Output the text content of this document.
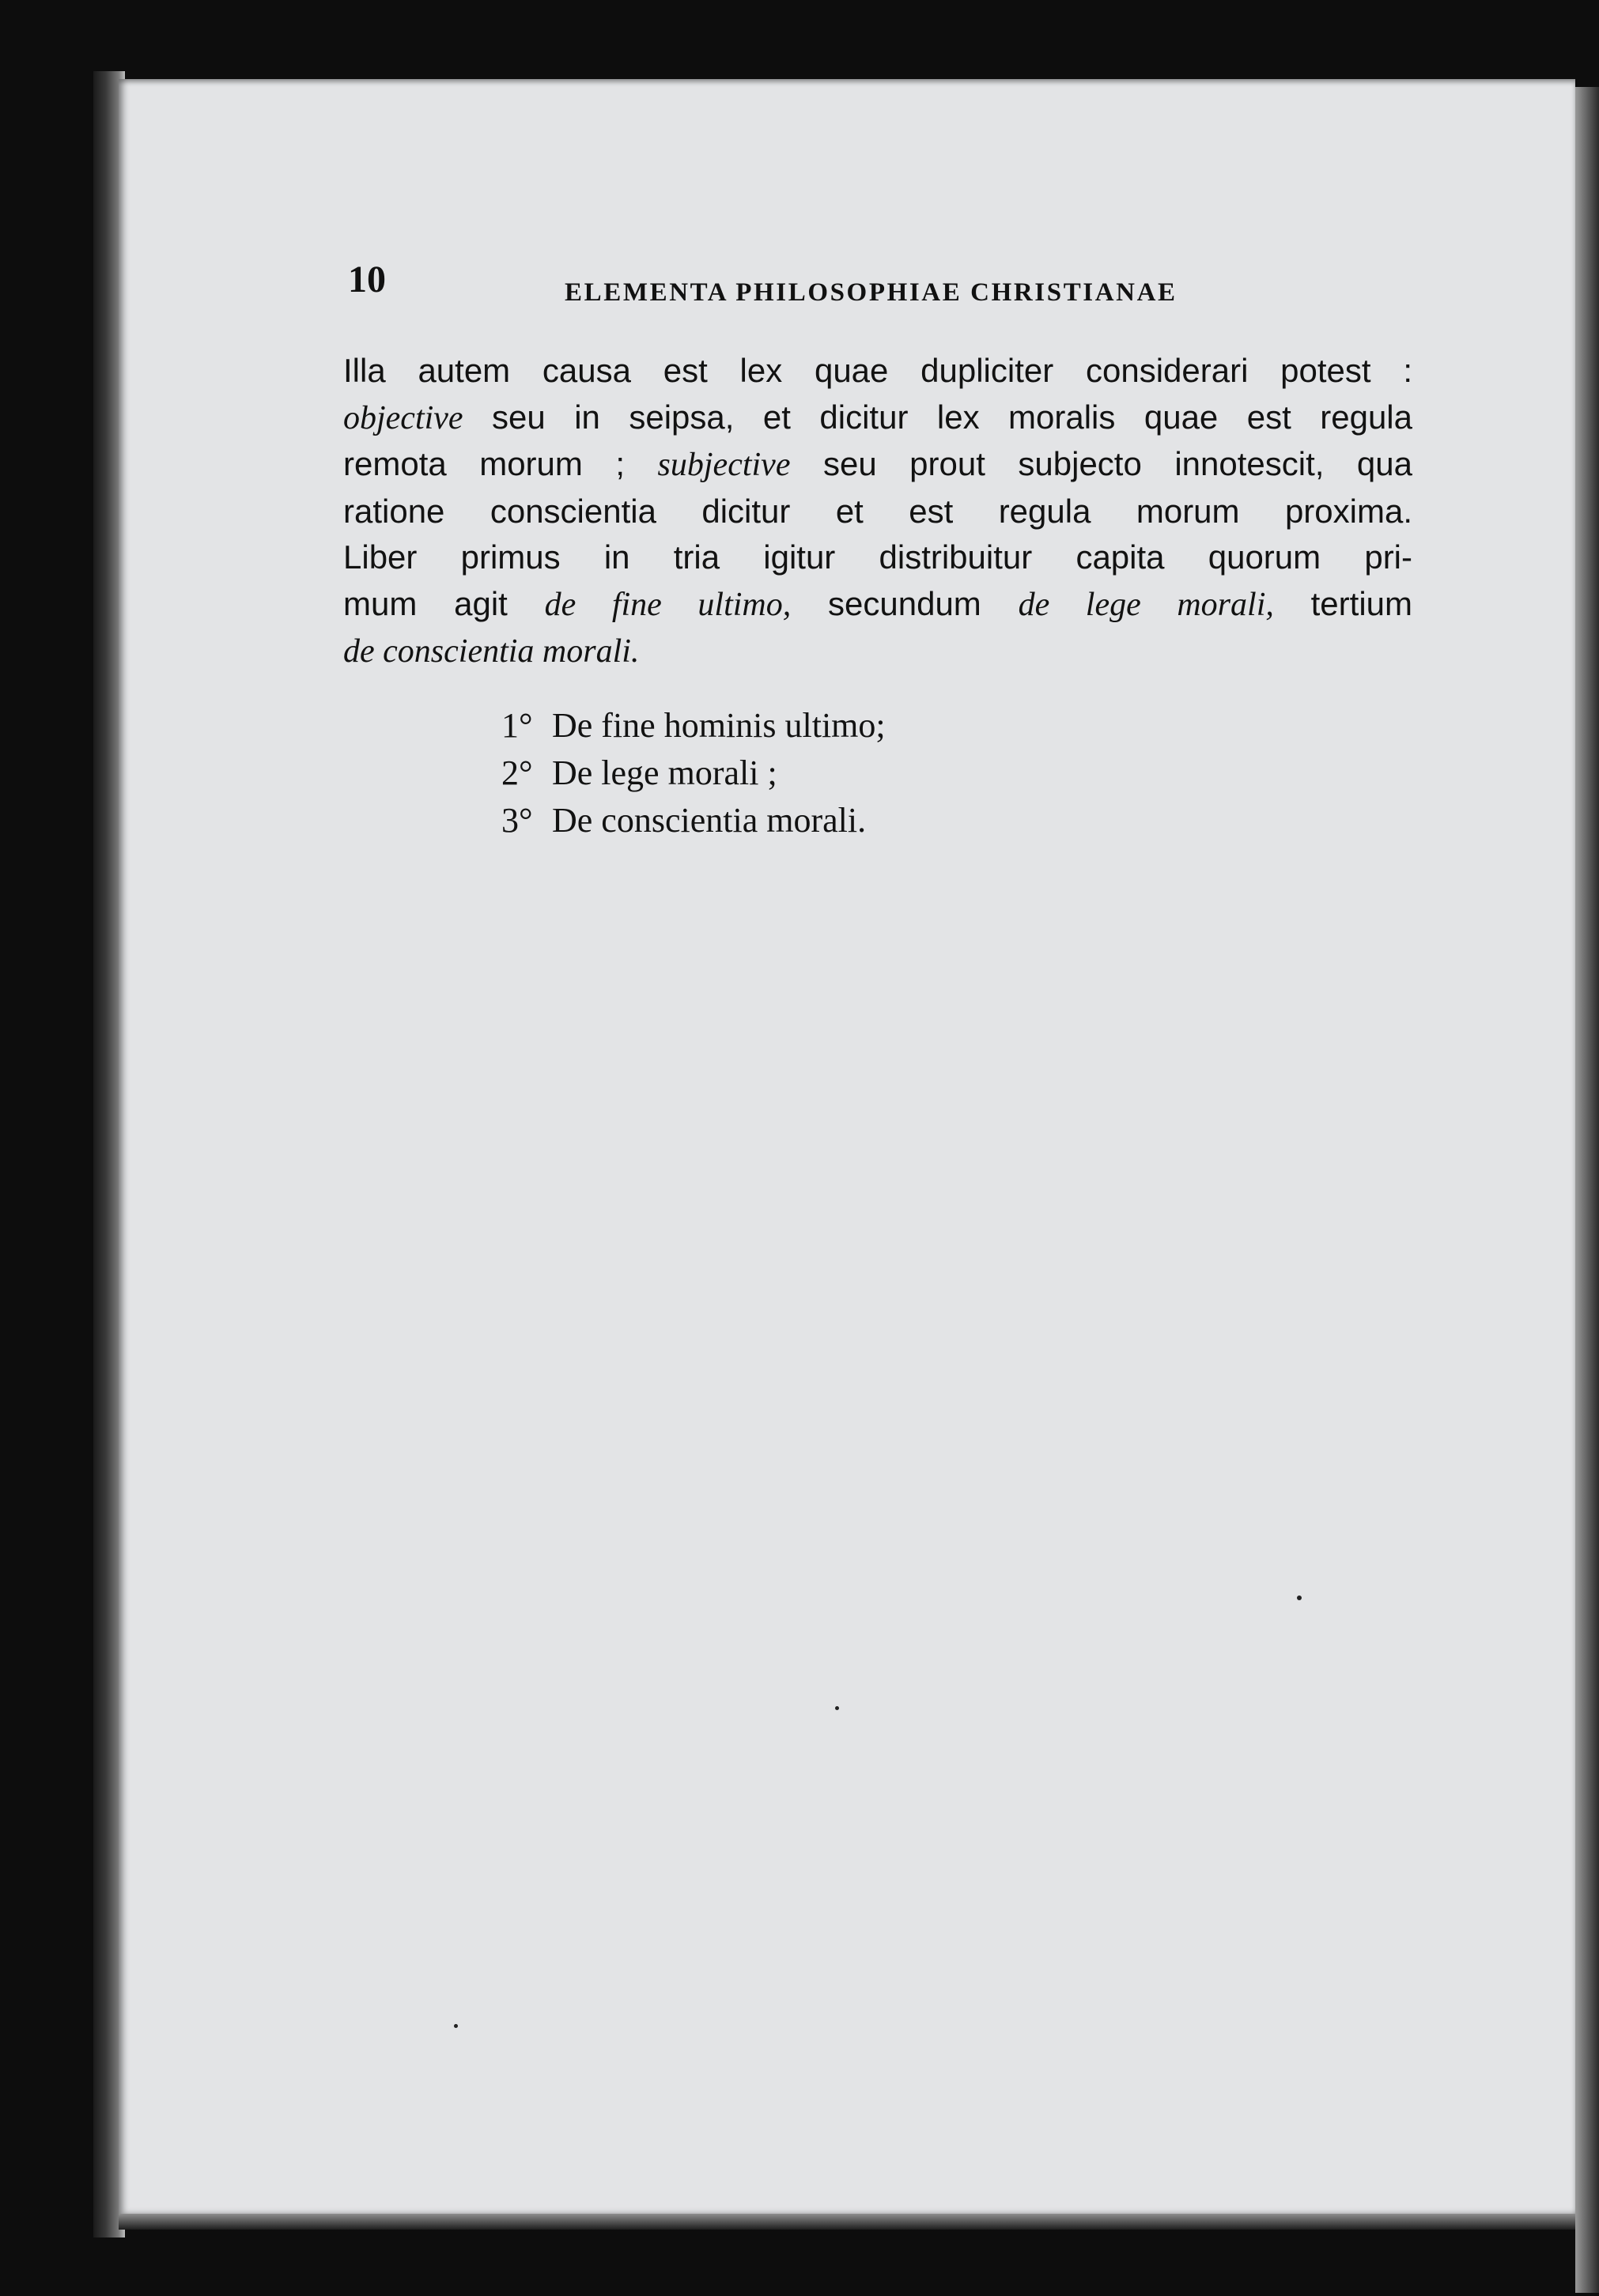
10	ELEMENTA PHILOSOPHIAE CHRISTIANAE
Illa autem causa est lex quae dupliciter considerari potest :
objective seu in seipsa, et dicitur lex moralis quae est regula
remota morum ; subjective seu prout subjecto innotescit, qua
ratione conscientia dicitur et est regula morum proxima.
Liber primus in tria igitur distribuitur capita quorum pri-
mum agit de fine ultimo, secundum de lege morali, tertium
de conscientia morali.
1° De fine hominis ultimo;
2° De lege morali ;
3° De conscientia morali.
